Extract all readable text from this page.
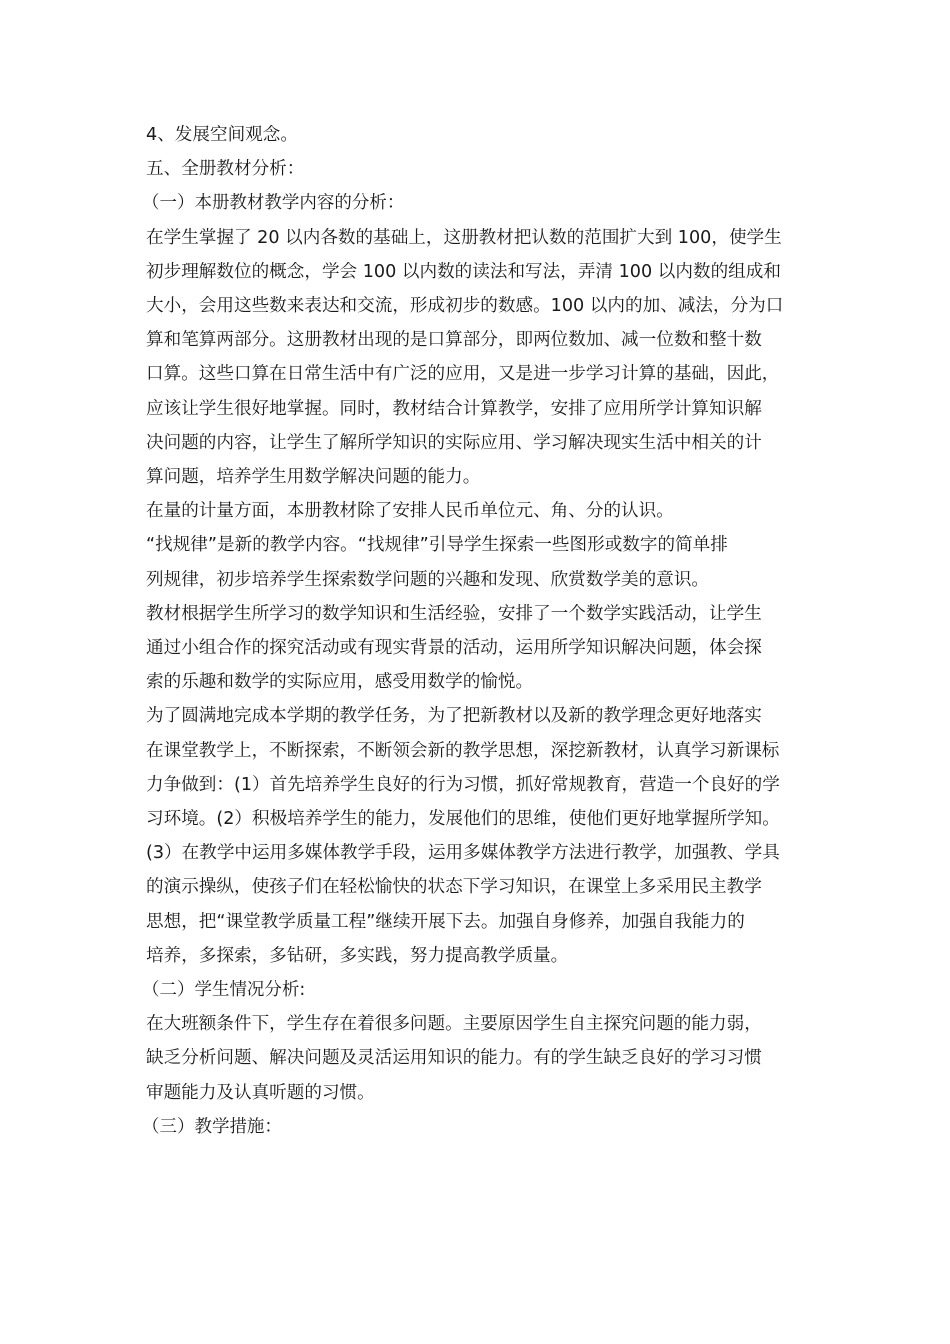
4、发展空间观念。

五、全册教材分析：

（一）本册教材教学内容的分析：

在学生掌握了 20 以内各数的基础上，这册教材把认数的范围扩大到 100，使学生

初步理解数位的概念，学会 100 以内数的读法和写法，弄清 100 以内数的组成和

大小，会用这些数来表达和交流，形成初步的数感。100 以内的加、减法，分为口

算和笔算两部分。这册教材出现的是口算部分，即两位数加、减一位数和整十数

口算。这些口算在日常生活中有广泛的应用，又是进一步学习计算的基础，因此，

应该让学生很好地掌握。同时，教材结合计算教学，安排了应用所学计算知识解

决问题的内容，让学生了解所学知识的实际应用、学习解决现实生活中相关的计

算问题，培养学生用数学解决问题的能力。

在量的计量方面，本册教材除了安排人民币单位元、角、分的认识。

“找规律”是新的教学内容。“找规律”引导学生探索一些图形或数字的简单排

列规律，初步培养学生探索数学问题的兴趣和发现、欣赏数学美的意识。

教材根据学生所学习的数学知识和生活经验，安排了一个数学实践活动，让学生

通过小组合作的探究活动或有现实背景的活动，运用所学知识解决问题，体会探

索的乐趣和数学的实际应用，感受用数学的愉悦。

为了圆满地完成本学期的教学任务，为了把新教材以及新的教学理念更好地落实

在课堂教学上，不断探索，不断领会新的教学思想，深挖新教材，认真学习新课标

力争做到：(1）首先培养学生良好的行为习惯，抓好常规教育，营造一个良好的学

习环境。(2）积极培养学生的能力，发展他们的思维，使他们更好地掌握所学知。

(3）在教学中运用多媒体教学手段，运用多媒体教学方法进行教学，加强教、学具

的演示操纵，使孩子们在轻松愉快的状态下学习知识，在课堂上多采用民主教学

思想，把“课堂教学质量工程”继续开展下去。加强自身修养，加强自我能力的

培养，多探索，多钻研，多实践，努力提高教学质量。

（二）学生情况分析:

在大班额条件下，学生存在着很多问题。主要原因学生自主探究问题的能力弱，

缺乏分析问题、解决问题及灵活运用知识的能力。有的学生缺乏良好的学习习惯

审题能力及认真听题的习惯。

（三）教学措施：
